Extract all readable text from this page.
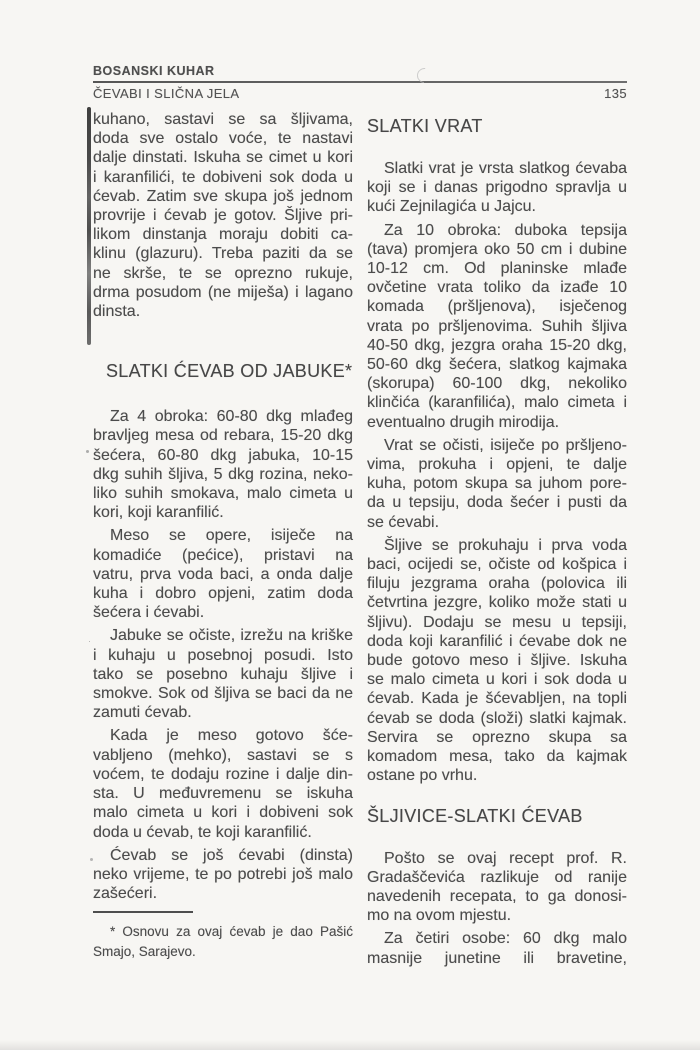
BOSANSKI KUHAR
ČEVABI I SLIČNA JELA	135
kuhano, sastavi se sa šljivama,
doda sve ostalo voće, te nastavi
dalje dinstati. Iskuha se cimet u kori
i karanfilići, te dobiveni sok doda u
ćevab. Zatim sve skupa još jednom
provrije i ćevab je gotov. Šljive pri-
likom dinstanja moraju dobiti ca-
klinu (glazuru). Treba paziti da se
ne skrše, te se oprezno rukuje,
drma posudom (ne miješa) i lagano
dinsta.
SLATKI ĆEVAB OD JABUKE*
Za 4 obroka: 60-80 dkg mlađeg
bravljeg mesa od rebara, 15-20 dkg
šećera, 60-80 dkg jabuka, 10-15
dkg suhih šljiva, 5 dkg rozina, neko-
liko suhih smokava, malo cimeta u
kori, koji karanfilić.
Meso se opere, isiječe na
komadiće (pećice), pristavi na
vatru, prva voda baci, a onda dalje
kuha i dobro opjeni, zatim doda
šećera i ćevabi.
Jabuke se očiste, izrežu na kriške
i kuhaju u posebnoj posudi. Isto
tako se posebno kuhaju šljive i
smokve. Sok od šljiva se baci da ne
zamuti ćevab.
Kada je meso gotovo šće-
vabljeno (mehko), sastavi se s
voćem, te dodaju rozine i dalje din-
sta. U međuvremenu se iskuha
malo cimeta u kori i dobiveni sok
doda u ćevab, te koji karanfilić.
Ćevab se još ćevabi (dinsta)
neko vrijeme, te po potrebi još malo
zašećeri.
* Osnovu za ovaj ćevab je dao Pašić
Smajo, Sarajevo.
SLATKI VRAT
Slatki vrat je vrsta slatkog ćevaba
koji se i danas prigodno spravlja u
kući Zejnilagića u Jajcu.
Za 10 obroka: duboka tepsija
(tava) promjera oko 50 cm i dubine
10-12 cm. Od planinske mlađe
ovčetine vrata toliko da izađe 10
komada (pršljenova), isječenog
vrata po pršljenovima. Suhih šljiva
40-50 dkg, jezgra oraha 15-20 dkg,
50-60 dkg šećera, slatkog kajmaka
(skorupa) 60-100 dkg, nekoliko
klinčića (karanfilića), malo cimeta i
eventualno drugih mirodija.
Vrat se očisti, isiječe po pršljeno-
vima, prokuha i opjeni, te dalje
kuha, potom skupa sa juhom pore-
da u tepsiju, doda šećer i pusti da
se ćevabi.
Šljive se prokuhaju i prva voda
baci, ocijedi se, očiste od košpica i
filuju jezgrama oraha (polovica ili
četvrtina jezgre, koliko može stati u
šljivu). Dodaju se mesu u tepsiji,
doda koji karanfilić i ćevabe dok ne
bude gotovo meso i šljive. Iskuha
se malo cimeta u kori i sok doda u
ćevab. Kada je šćevabljen, na topli
ćevab se doda (složi) slatki kajmak.
Servira se oprezno skupa sa
komadom mesa, tako da kajmak
ostane po vrhu.
ŠLJIVICE-SLATKI ĆEVAB
Pošto se ovaj recept prof. R.
Gradaščevića razlikuje od ranije
navedenih recepata, to ga donosi-
mo na ovom mjestu.
Za četiri osobe: 60 dkg malo
masnije junetine ili bravetine,
